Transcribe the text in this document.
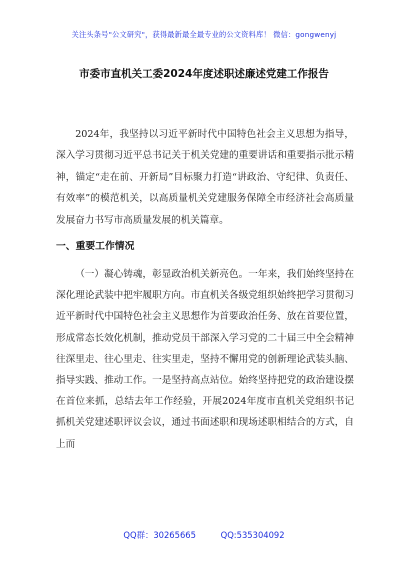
关注头条号"公文研究"，获得最新最全最专业的公文资料库！ 微信：gongwenyj
市委市直机关工委2024年度述职述廉述党建工作报告

2024年，我坚持以习近平新时代中国特色社会主义思想为指导，深入学习贯彻习近平总书记关于机关党建的重要讲话和重要指示批示精神，锚定“走在前、开新局”目标聚力打造“讲政治、守纪律、负责任、有效率”的模范机关，以高质量机关党建服务保障全市经济社会高质量发展奋力书写市高质量发展的机关篇章。

一、重要工作情况

（一）凝心铸魂，彰显政治机关新亮色。一年来，我们始终坚持在深化理论武装中把牢履职方向。市直机关各级党组织始终把学习贯彻习近平新时代中国特色社会主义思想作为首要政治任务、放在首要位置，形成常态长效化机制，推动党员干部深入学习党的二十届三中全会精神往深里走、往心里走、往实里走，坚持不懈用党的创新理论武装头脑、指导实践、推动工作。一是坚持高点站位。始终坚持把党的政治建设摆在首位来抓，总结去年工作经验，开展2024年度市直机关党组织书记抓机关党建述职评议会议，通过书面述职和现场述职相结合的方式，自上而

QQ群：30265665	QQ:535304092
